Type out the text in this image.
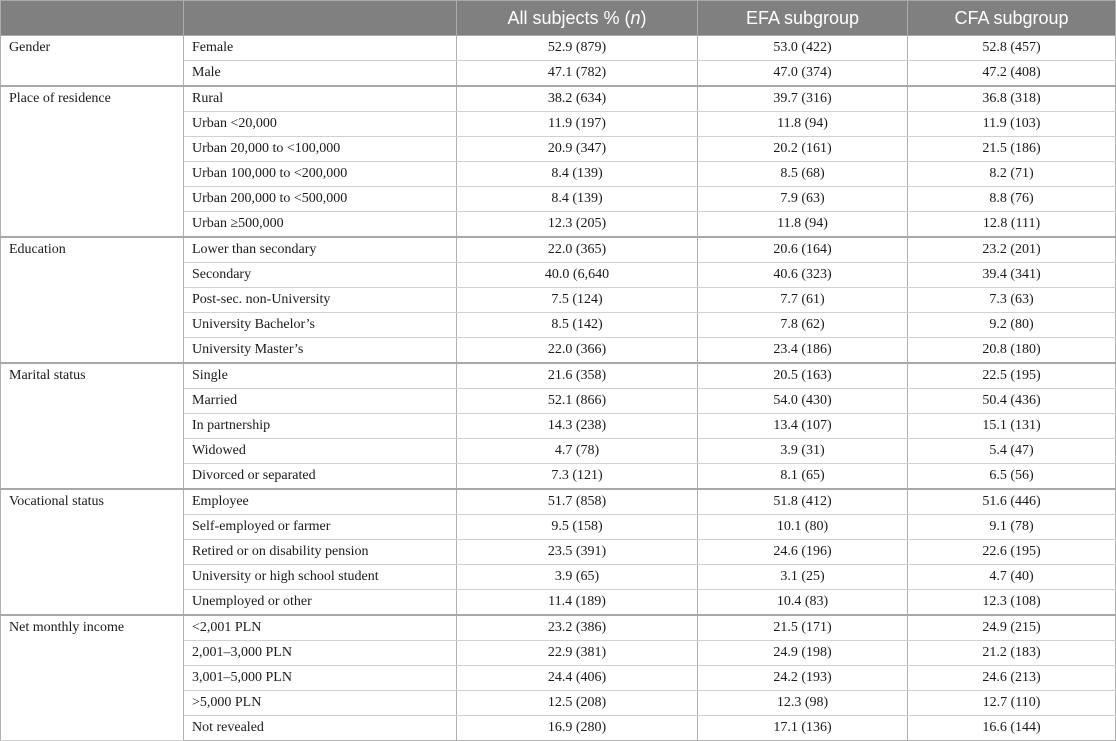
		All subjects % (n)	EFA subgroup	CFA subgroup
Gender	Female	52.9 (879)	53.0 (422)	52.8 (457)
	Male	47.1 (782)	47.0 (374)	47.2 (408)
Place of residence	Rural	38.2 (634)	39.7 (316)	36.8 (318)
	Urban <20,000	11.9 (197)	11.8 (94)	11.9 (103)
	Urban 20,000 to <100,000	20.9 (347)	20.2 (161)	21.5 (186)
	Urban 100,000 to <200,000	8.4 (139)	8.5 (68)	8.2 (71)
	Urban 200,000 to <500,000	8.4 (139)	7.9 (63)	8.8 (76)
	Urban ≥500,000	12.3 (205)	11.8 (94)	12.8 (111)
Education	Lower than secondary	22.0 (365)	20.6 (164)	23.2 (201)
	Secondary	40.0 (6,640	40.6 (323)	39.4 (341)
	Post-sec. non-University	7.5 (124)	7.7 (61)	7.3 (63)
	University Bachelor’s	8.5 (142)	7.8 (62)	9.2 (80)
	University Master’s	22.0 (366)	23.4 (186)	20.8 (180)
Marital status	Single	21.6 (358)	20.5 (163)	22.5 (195)
	Married	52.1 (866)	54.0 (430)	50.4 (436)
	In partnership	14.3 (238)	13.4 (107)	15.1 (131)
	Widowed	4.7 (78)	3.9 (31)	5.4 (47)
	Divorced or separated	7.3 (121)	8.1 (65)	6.5 (56)
Vocational status	Employee	51.7 (858)	51.8 (412)	51.6 (446)
	Self-employed or farmer	9.5 (158)	10.1 (80)	9.1 (78)
	Retired or on disability pension	23.5 (391)	24.6 (196)	22.6 (195)
	University or high school student	3.9 (65)	3.1 (25)	4.7 (40)
	Unemployed or other	11.4 (189)	10.4 (83)	12.3 (108)
Net monthly income	<2,001 PLN	23.2 (386)	21.5 (171)	24.9 (215)
	2,001–3,000 PLN	22.9 (381)	24.9 (198)	21.2 (183)
	3,001–5,000 PLN	24.4 (406)	24.2 (193)	24.6 (213)
	>5,000 PLN	12.5 (208)	12.3 (98)	12.7 (110)
	Not revealed	16.9 (280)	17.1 (136)	16.6 (144)
